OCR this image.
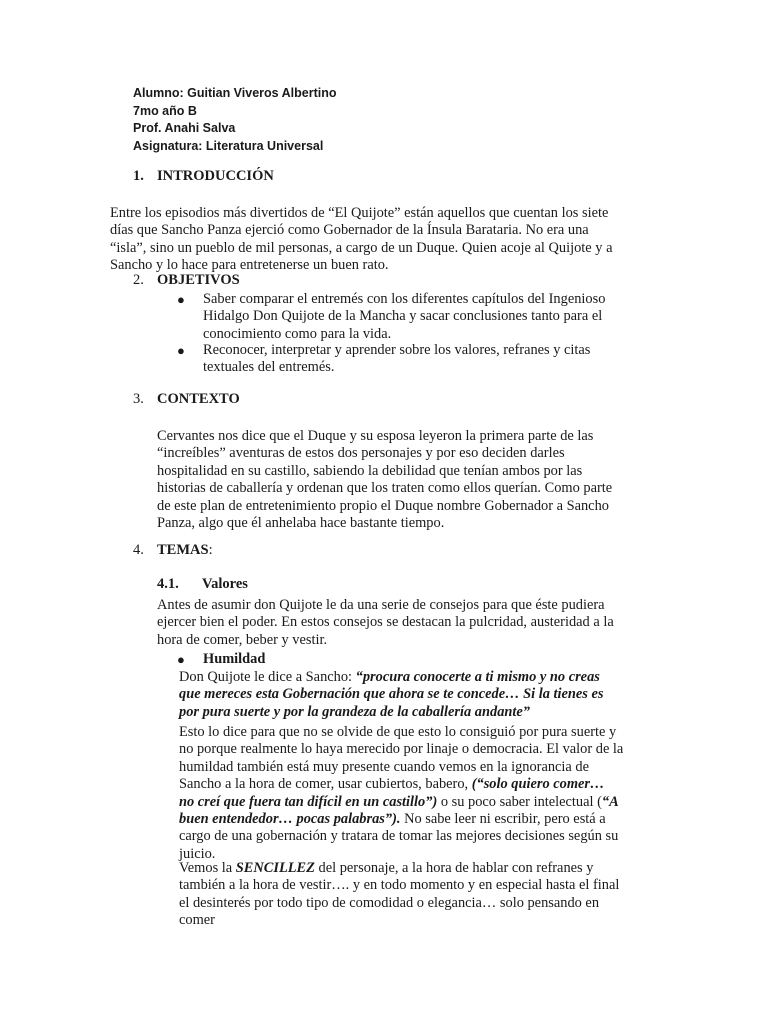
Alumno: Guitian Viveros Albertino
7mo año B
Prof. Anahi Salva
Asignatura: Literatura Universal
1. INTRODUCCIÓN
Entre los episodios más divertidos de “El Quijote” están aquellos que cuentan los siete
días que Sancho Panza ejerció como Gobernador de la Ínsula Barataria. No era una
“isla”, sino un pueblo de mil personas, a cargo de un Duque. Quien acoje al Quijote y a
Sancho y lo hace para entretenerse un buen rato.
2. OBJETIVOS
● Saber comparar el entremés con los diferentes capítulos del Ingenioso
Hidalgo Don Quijote de la Mancha y sacar conclusiones tanto para el
conocimiento como para la vida.
● Reconocer, interpretar y aprender sobre los valores, refranes y citas
textuales del entremés.
3. CONTEXTO
Cervantes nos dice que el Duque y su esposa leyeron la primera parte de las
“increíbles” aventuras de estos dos personajes y por eso deciden darles
hospitalidad en su castillo, sabiendo la debilidad que tenían ambos por las
historias de caballería y ordenan que los traten como ellos querían. Como parte
de este plan de entretenimiento propio el Duque nombre Gobernador a Sancho
Panza, algo que él anhelaba hace bastante tiempo.
4. TEMAS:
4.1. Valores
Antes de asumir don Quijote le da una serie de consejos para que éste pudiera
ejercer bien el poder. En estos consejos se destacan la pulcridad, austeridad a la
hora de comer, beber y vestir.
● Humildad
Don Quijote le dice a Sancho: “procura conocerte a ti mismo y no creas
que mereces esta Gobernación que ahora se te concede… Si la tienes es
por pura suerte y por la grandeza de la caballería andante”
Esto lo dice para que no se olvide de que esto lo consiguió por pura suerte y
no porque realmente lo haya merecido por linaje o democracia. El valor de la
humildad también está muy presente cuando vemos en la ignorancia de
Sancho a la hora de comer, usar cubiertos, babero, (“solo quiero comer…
no creí que fuera tan difícil en un castillo”) o su poco saber intelectual (“A
buen entendedor… pocas palabras”). No sabe leer ni escribir, pero está a
cargo de una gobernación y tratara de tomar las mejores decisiones según su
juicio.
Vemos la SENCILLEZ del personaje, a la hora de hablar con refranes y
también a la hora de vestir…. y en todo momento y en especial hasta el final
el desinterés por todo tipo de comodidad o elegancia… solo pensando en
comer
